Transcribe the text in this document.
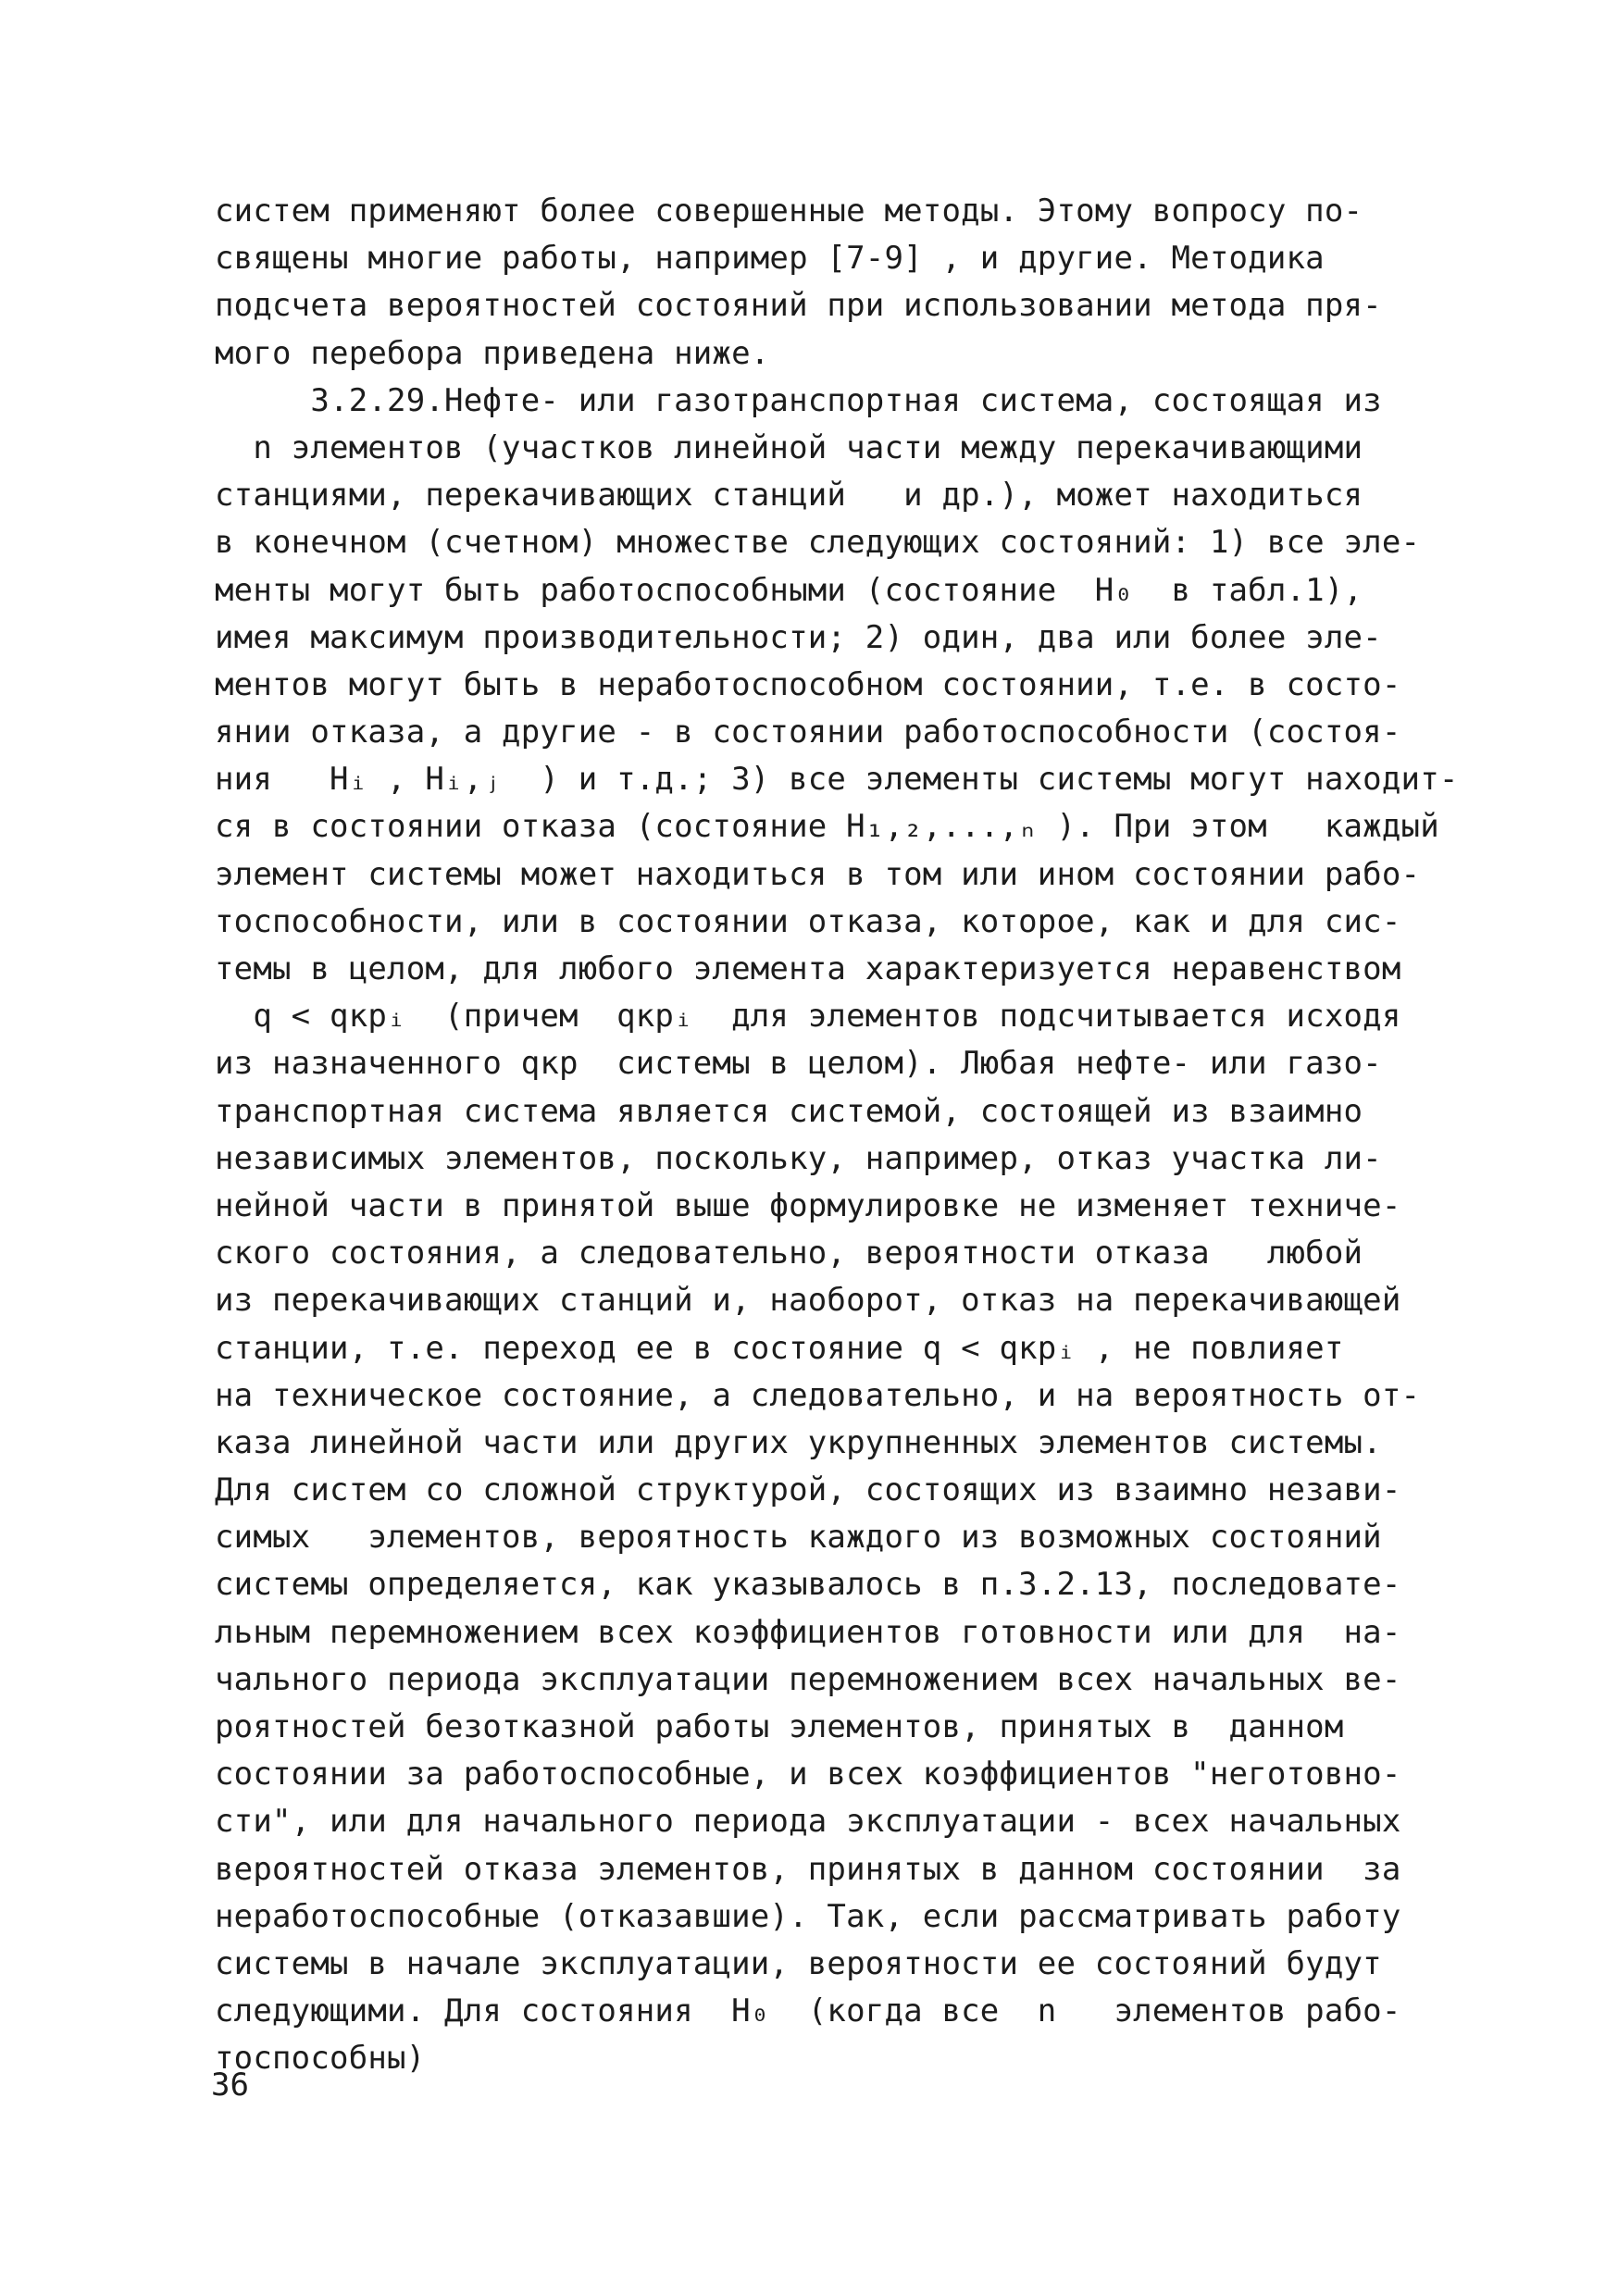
систем применяют более совершенные методы. Этому вопросу по-
священы многие работы, например [7-9] , и другие. Методика
подсчета вероятностей состояний при использовании метода пря-
мого перебора приведена ниже.
3.2.29.Нефте- или газотранспортная система, состоящая из
n элементов (участков линейной части между перекачивающими
станциями, перекачивающих станций   и др.), может находиться
в конечном (счетном) множестве следующих состояний: 1) все эле-
менты могут быть работоспособными (состояние  H₀  в табл.1),
имея максимум производительности; 2) один, два или более эле-
ментов могут быть в неработоспособном состоянии, т.е. в состо-
янии отказа, а другие - в состоянии работоспособности (состоя-
ния   Hᵢ , Hᵢ,ⱼ  ) и т.д.; 3) все элементы системы могут находит-
ся в состоянии отказа (состояние H₁,₂,...,ₙ ). При этом   каждый
элемент системы может находиться в том или ином состоянии рабо-
тоспособности, или в состоянии отказа, которое, как и для сис-
темы в целом, для любого элемента характеризуется неравенством
q < qкрᵢ  (причем  qкрᵢ  для элементов подсчитывается исходя
из назначенного qкр  системы в целом). Любая нефте- или газо-
транспортная система является системой, состоящей из взаимно
независимых элементов, поскольку, например, отказ участка ли-
нейной части в принятой выше формулировке не изменяет техниче-
ского состояния, а следовательно, вероятности отказа   любой
из перекачивающих станций и, наоборот, отказ на перекачивающей
станции, т.е. переход ее в состояние q < qкрᵢ , не повлияет
на техническое состояние, а следовательно, и на вероятность от-
каза линейной части или других укрупненных элементов системы.
Для систем со сложной структурой, состоящих из взаимно незави-
симых   элементов, вероятность каждого из возможных состояний
системы определяется, как указывалось в п.3.2.13, последовате-
льным перемножением всех коэффициентов готовности или для  на-
чального периода эксплуатации перемножением всех начальных ве-
роятностей безотказной работы элементов, принятых в  данном
состоянии за работоспособные, и всех коэффициентов "неготовно-
сти", или для начального периода эксплуатации - всех начальных
вероятностей отказа элементов, принятых в данном состоянии  за
неработоспособные (отказавшие). Так, если рассматривать работу
системы в начале эксплуатации, вероятности ее состояний будут
следующими. Для состояния  H₀  (когда все  n   элементов рабо-
тоспособны)
36
